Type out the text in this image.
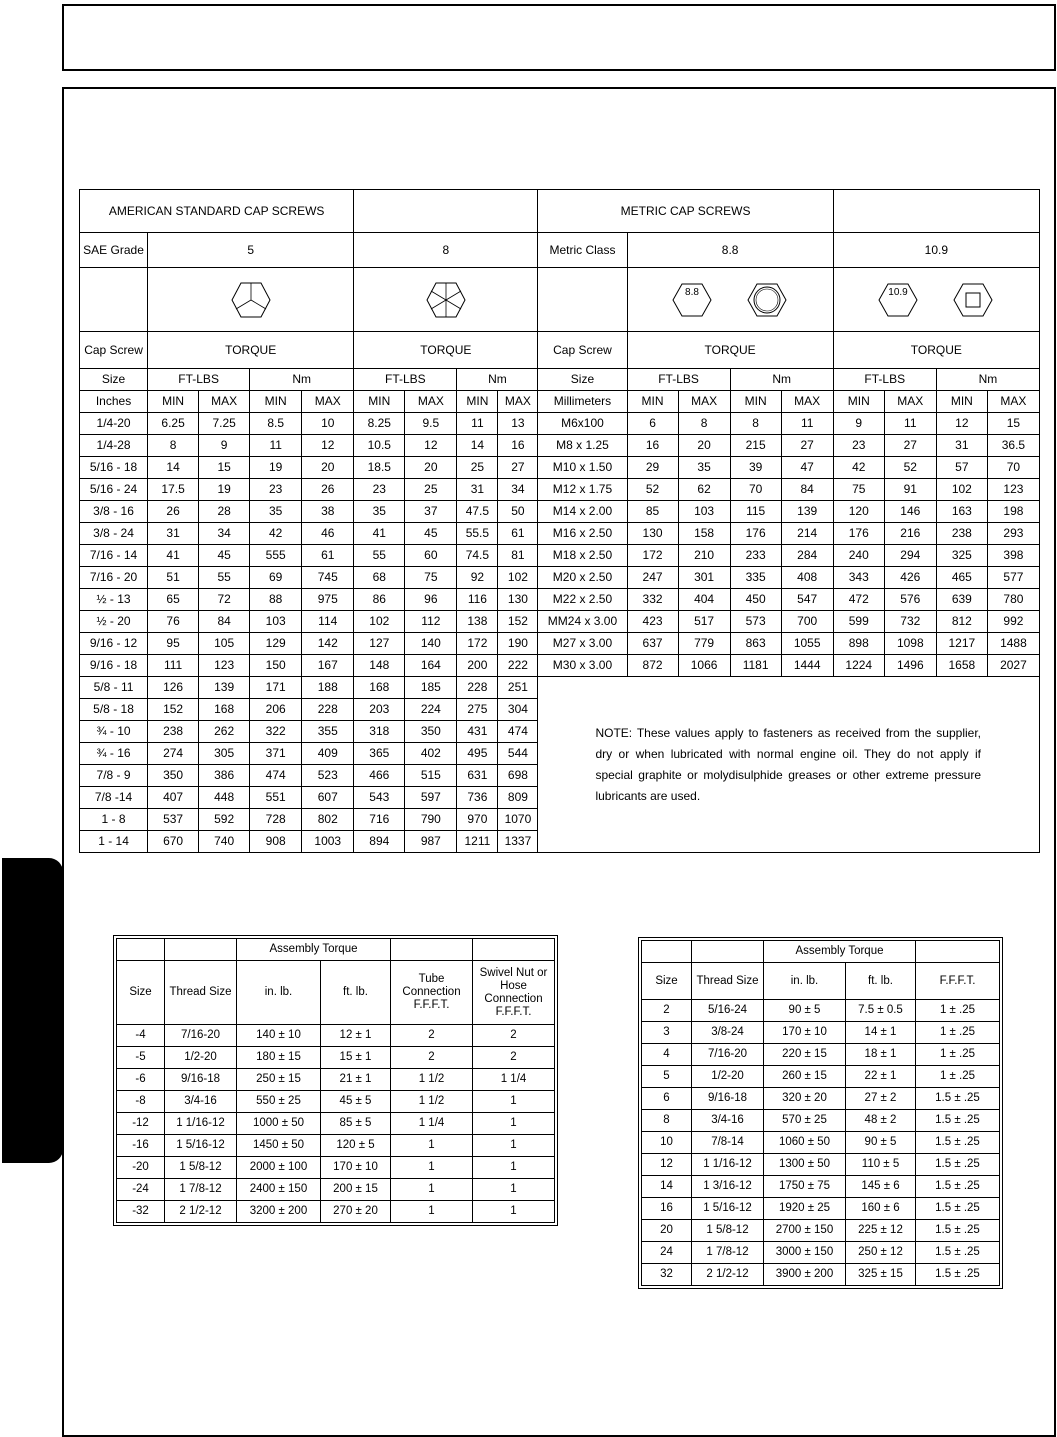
AMERICAN STANDARD CAP SCREWS									METRIC CAP SCREWS								
SAE Grade	5				8				Metric Class	8.8				10.9			

8.8				10.9			

Cap Screw	TORQUE				TORQUE				Cap Screw	TORQUE				TORQUE			
Size	FT-LBS		Nm		FT-LBS		Nm		Size	FT-LBS		Nm		FT-LBS		Nm	
Inches	MIN	MAX	MIN	MAX	MIN	MAX	MIN	MAX	Millimeters	MIN	MAX	MIN	MAX	MIN	MAX	MIN	MAX
1/4-20	6.25	7.25	8.5	10	8.25	9.5	11	13	M6x100	6	8	8	11	9	11	12	15
1/4-28	8	9	11	12	10.5	12	14	16	M8 x 1.25	16	20	215	27	23	27	31	36.5
5/16 - 18	14	15	19	20	18.5	20	25	27	M10 x 1.50	29	35	39	47	42	52	57	70
5/16 - 24	17.5	19	23	26	23	25	31	34	M12 x 1.75	52	62	70	84	75	91	102	123
3/8 - 16	26	28	35	38	35	37	47.5	50	M14 x 2.00	85	103	115	139	120	146	163	198
3/8 - 24	31	34	42	46	41	45	55.5	61	M16 x 2.50	130	158	176	214	176	216	238	293
7/16 - 14	41	45	555	61	55	60	74.5	81	M18 x 2.50	172	210	233	284	240	294	325	398
7/16 - 20	51	55	69	745	68	75	92	102	M20 x 2.50	247	301	335	408	343	426	465	577
½ - 13	65	72	88	975	86	96	116	130	M22 x 2.50	332	404	450	547	472	576	639	780
½ - 20	76	84	103	114	102	112	138	152	MM24 x 3.00	423	517	573	700	599	732	812	992
9/16 - 12	95	105	129	142	127	140	172	190	M27 x 3.00	637	779	863	1055	898	1098	1217	1488
9/16 - 18	111	123	150	167	148	164	200	222	M30 x 3.00	872	1066	1181	1444	1224	1496	1658	2027
5/8 - 11	126	139	171	188	168	185	228	251	NOTE: These values apply to fasteners as received from the supplier, dry or when lubricated with normal engine oil. They do not apply if special graphite or molydisulphide greases or other extreme pressure lubricants are used.								
5/8 - 18	152	168	206	228	203	224	275	304									
¾ - 10	238	262	322	355	318	350	431	474									
¾ - 16	274	305	371	409	365	402	495	544									
7/8 - 9	350	386	474	523	466	515	631	698									
7/8 -14	407	448	551	607	543	597	736	809									
1 - 8	537	592	728	802	716	790	970	1070									
1 - 14	670	740	908	1003	894	987	1211	1337									
		Assembly Torque			
Size	Thread Size	in. lb.	ft. lb.	Tube Connection F.F.F.T.	Swivel Nut or Hose Connection F.F.F.T.
-4	7/16-20	140 ± 10	12 ± 1	2	2
-5	1/2-20	180 ± 15	15 ± 1	2	2
-6	9/16-18	250 ± 15	21 ± 1	1 1/2	1 1/4
-8	3/4-16	550 ± 25	45 ± 5	1 1/2	1
-12	1 1/16-12	1000 ± 50	85 ± 5	1 1/4	1
-16	1 5/16-12	1450 ± 50	120 ± 5	1	1
-20	1 5/8-12	2000 ± 100	170 ± 10	1	1
-24	1 7/8-12	2400 ± 150	200 ± 15	1	1
-32	2 1/2-12	3200 ± 200	270 ± 20	1	1
		Assembly Torque		
Size	Thread Size	in. lb.	ft. lb.	F.F.F.T.
2	5/16-24	90 ± 5	7.5 ± 0.5	1 ± .25
3	3/8-24	170 ± 10	14 ± 1	1 ± .25
4	7/16-20	220 ± 15	18 ± 1	1 ± .25
5	1/2-20	260 ± 15	22 ± 1	1 ± .25
6	9/16-18	320 ± 20	27 ± 2	1.5 ± .25
8	3/4-16	570 ± 25	48 ± 2	1.5 ± .25
10	7/8-14	1060 ± 50	90 ± 5	1.5 ± .25
12	1 1/16-12	1300 ± 50	110 ± 5	1.5 ± .25
14	1 3/16-12	1750 ± 75	145 ± 6	1.5 ± .25
16	1 5/16-12	1920 ± 25	160 ± 6	1.5 ± .25
20	1 5/8-12	2700 ± 150	225 ± 12	1.5 ± .25
24	1 7/8-12	3000 ± 150	250 ± 12	1.5 ± .25
32	2 1/2-12	3900 ± 200	325 ± 15	1.5 ± .25
